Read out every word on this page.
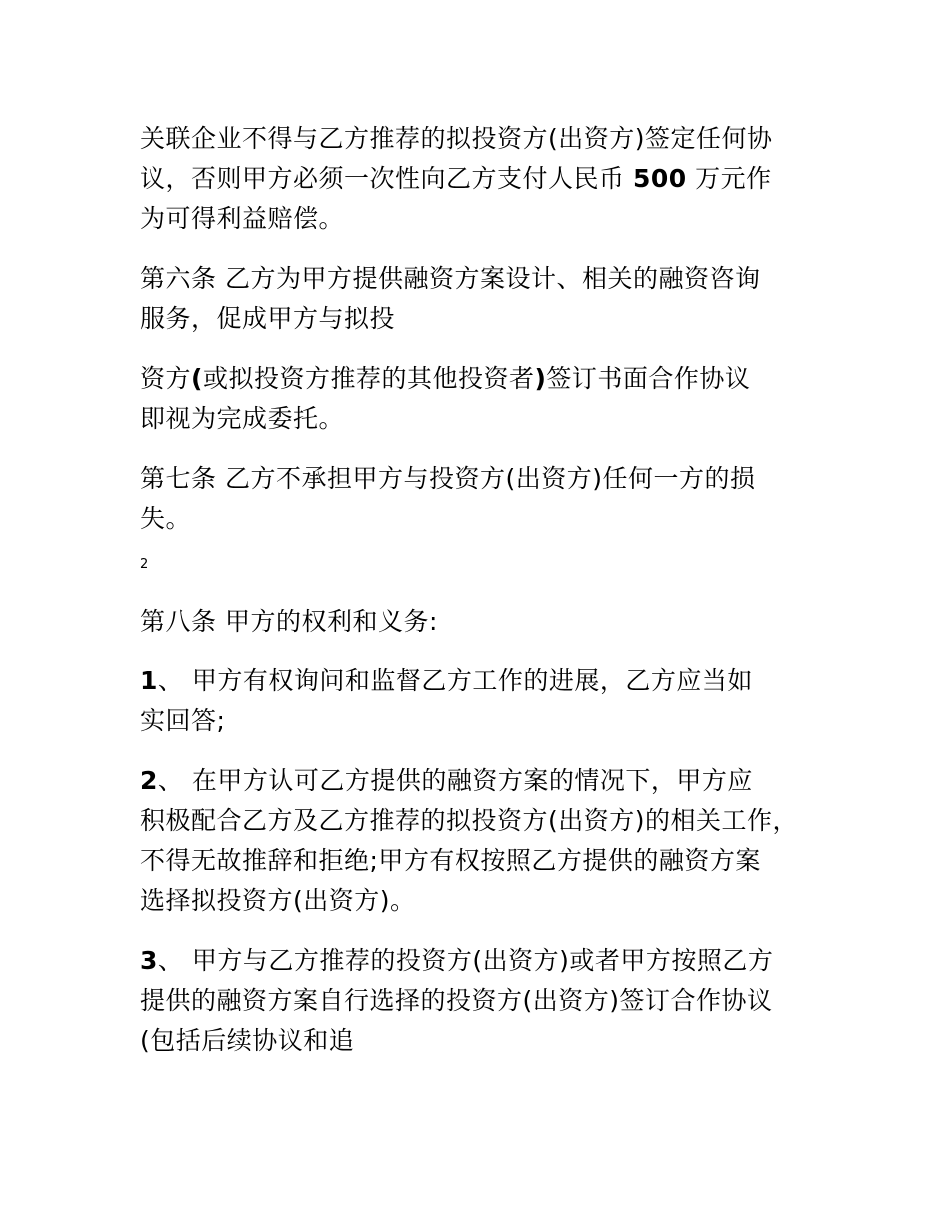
关联企业不得与乙方推荐的拟投资方(出资方)签定任何协
议，否则甲方必须一次性向乙方支付人民币 500 万元作
为可得利益赔偿。
第六条 乙方为甲方提供融资方案设计、相关的融资咨询
服务，促成甲方与拟投
资方(或拟投资方推荐的其他投资者)签订书面合作协议
即视为完成委托。
第七条 乙方不承担甲方与投资方(出资方)任何一方的损
失。
2
第八条 甲方的权利和义务:
1、 甲方有权询问和监督乙方工作的进展，乙方应当如
实回答;
2、 在甲方认可乙方提供的融资方案的情况下，甲方应
积极配合乙方及乙方推荐的拟投资方(出资方)的相关工作，
不得无故推辞和拒绝;甲方有权按照乙方提供的融资方案
选择拟投资方(出资方)。
3、 甲方与乙方推荐的投资方(出资方)或者甲方按照乙方
提供的融资方案自行选择的投资方(出资方)签订合作协议
(包括后续协议和追
